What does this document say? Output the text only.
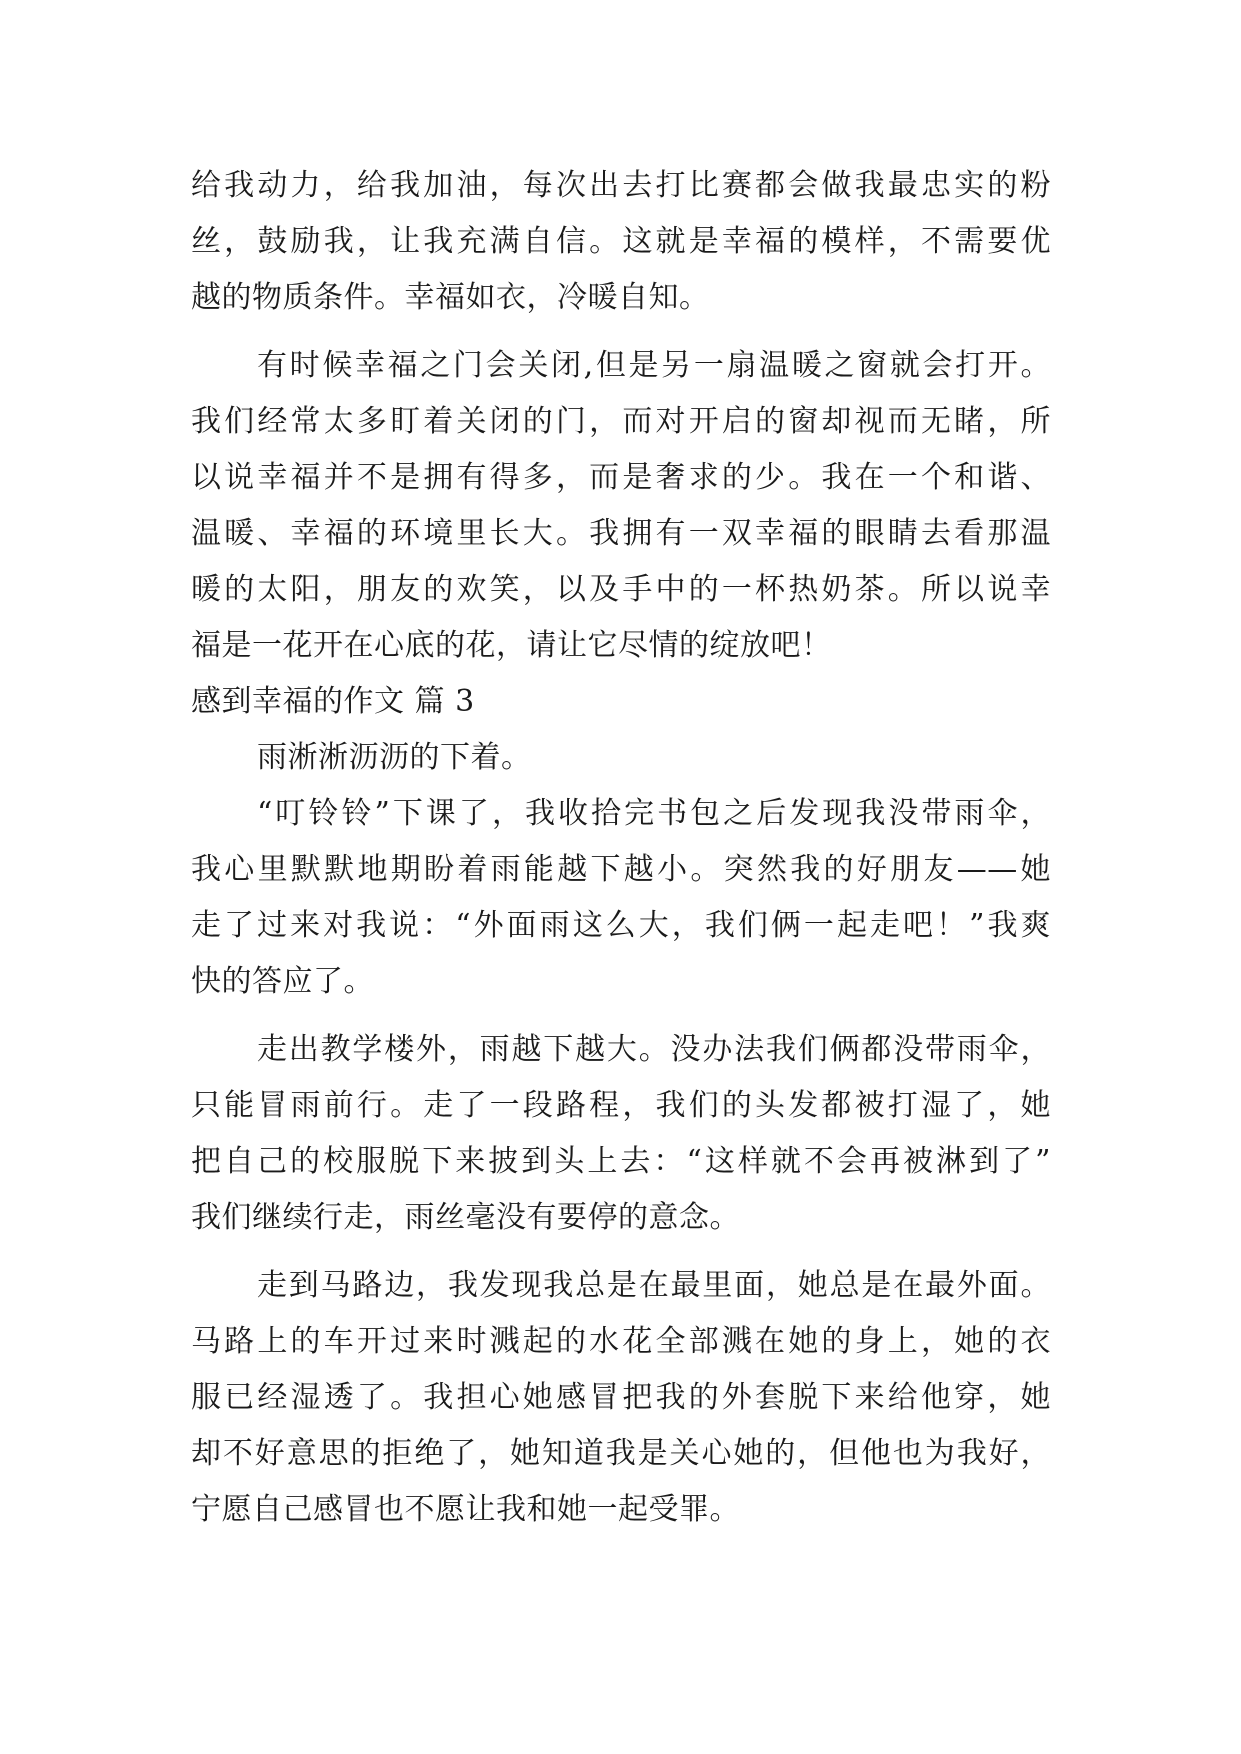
给我动力，给我加油，每次出去打比赛都会做我最忠实的粉
丝，鼓励我，让我充满自信。这就是幸福的模样，不需要优
越的物质条件。幸福如衣，冷暖自知。
有时候幸福之门会关闭,但是另一扇温暖之窗就会打开。
我们经常太多盯着关闭的门，而对开启的窗却视而无睹，所
以说幸福并不是拥有得多，而是奢求的少。我在一个和谐、
温暖、幸福的环境里长大。我拥有一双幸福的眼睛去看那温
暖的太阳，朋友的欢笑，以及手中的一杯热奶茶。所以说幸
福是一花开在心底的花，请让它尽情的绽放吧！
感到幸福的作文 篇 3
雨淅淅沥沥的下着。
“叮铃铃”下课了，我收拾完书包之后发现我没带雨伞，
我心里默默地期盼着雨能越下越小。突然我的好朋友——她
走了过来对我说：“外面雨这么大，我们俩一起走吧！”我爽
快的答应了。
走出教学楼外，雨越下越大。没办法我们俩都没带雨伞，
只能冒雨前行。走了一段路程，我们的头发都被打湿了，她
把自己的校服脱下来披到头上去：“这样就不会再被淋到了”
我们继续行走，雨丝毫没有要停的意念。
走到马路边，我发现我总是在最里面，她总是在最外面。
马路上的车开过来时溅起的水花全部溅在她的身上，她的衣
服已经湿透了。我担心她感冒把我的外套脱下来给他穿，她
却不好意思的拒绝了，她知道我是关心她的，但他也为我好，
宁愿自己感冒也不愿让我和她一起受罪。
